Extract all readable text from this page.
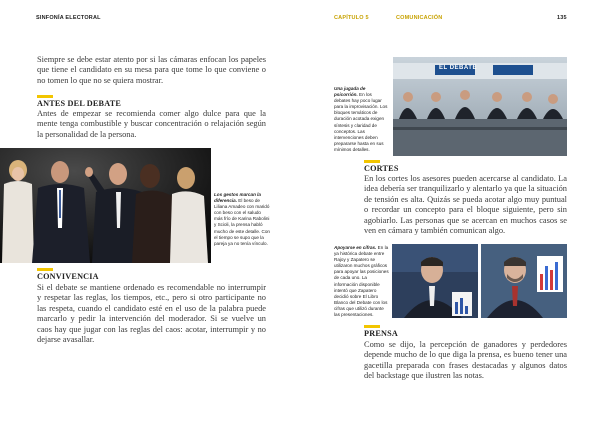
SINFONÍA ELECTORAL	CAPÍTULO 5	COMUNICACIÓN	135

Siempre se debe estar atento por si las cámaras enfocan los papeles que tiene el candidato en su mesa para que tome lo que conviene o no tomen lo que no se quiera mostrar.

ANTES DEL DEBATE

Antes de empezar se recomienda comer algo dulce para que la mente tenga combustible y buscar concentración o relajación según la personalidad de la persona.

Los gestos marcan la diferencia. El beso de Liliana Amadeo con maridó con beso con el saludo más frío de Karina Rabolini y Scioli, la prensa habló mucho de este detalle. Con el tiempo se supo que la pareja ya no tenía vínculo.

CONVIVENCIA

Si el debate se mantiene ordenado es recomendable no interrumpir y respetar las reglas, los tiempos, etc., pero si otro participante no las respeta, cuando el candidato esté en el uso de la palabra puede marcarlo y pedir la intervención del moderador. Si se vuelve un caos hay que jugar con las reglas del caos: acotar, interrumpir y no dejarse avasallar.

Una jugada de psicorrión. En los debates hay poco lugar para la improvisación. Los bloques temáticos de duración acotada exigen síntesis y claridad de conceptos. Las intervenciones deben prepararse hasta en sus mínimos detalles.

EL DEBATE
CORTES

En los cortes los asesores pueden acercarse al candidato. La idea debería ser tranquilizarlo y alentarlo ya que la situación de tensión es alta. Quizás se pueda acotar algo muy puntual o recordar un concepto para el bloque siguiente, pero sin agobiarlo. Las personas que se acercan en muchos casos se ven en cámara y también comunican algo.

Apoyarse en cifras. En la ya histórica debate entre Rajoy y Zapatero se utilizaron muchos gráficos para apoyar las posiciones de cada uno. La información disponible intentó que Zapatero decidió sobre El Libro Blanco del Debate con los cifras que utilizó durante las presentaciones.

PRENSA

Como se dijo, la percepción de ganadores y perdedores depende mucho de lo que diga la prensa, es bueno tener una gacetilla preparada con frases destacadas y algunos datos del backstage que ilustren las notas.
